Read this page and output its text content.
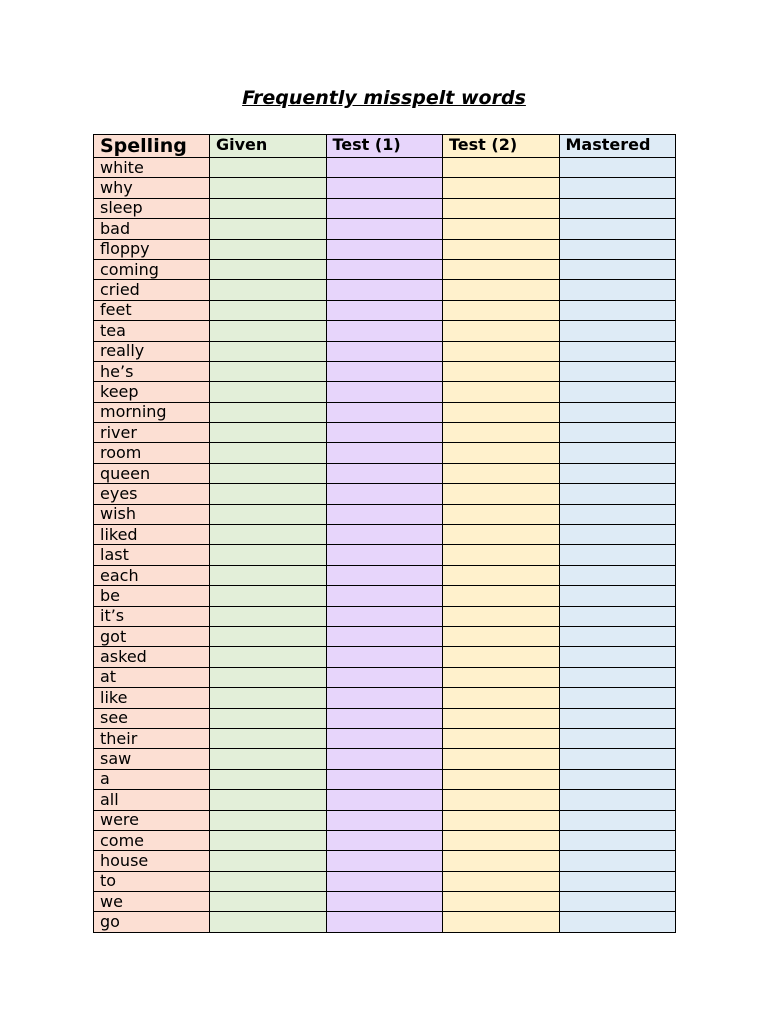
Frequently misspelt words
Spelling	Given	Test (1)	Test (2)	Mastered
white				
why				
sleep				
bad				
floppy				
coming				
cried				
feet				
tea				
really				
he’s				
keep				
morning				
river				
room				
queen				
eyes				
wish				
liked				
last				
each				
be				
it’s				
got				
asked				
at				
like				
see				
their				
saw				
a				
all				
were				
come				
house				
to				
we				
go				
